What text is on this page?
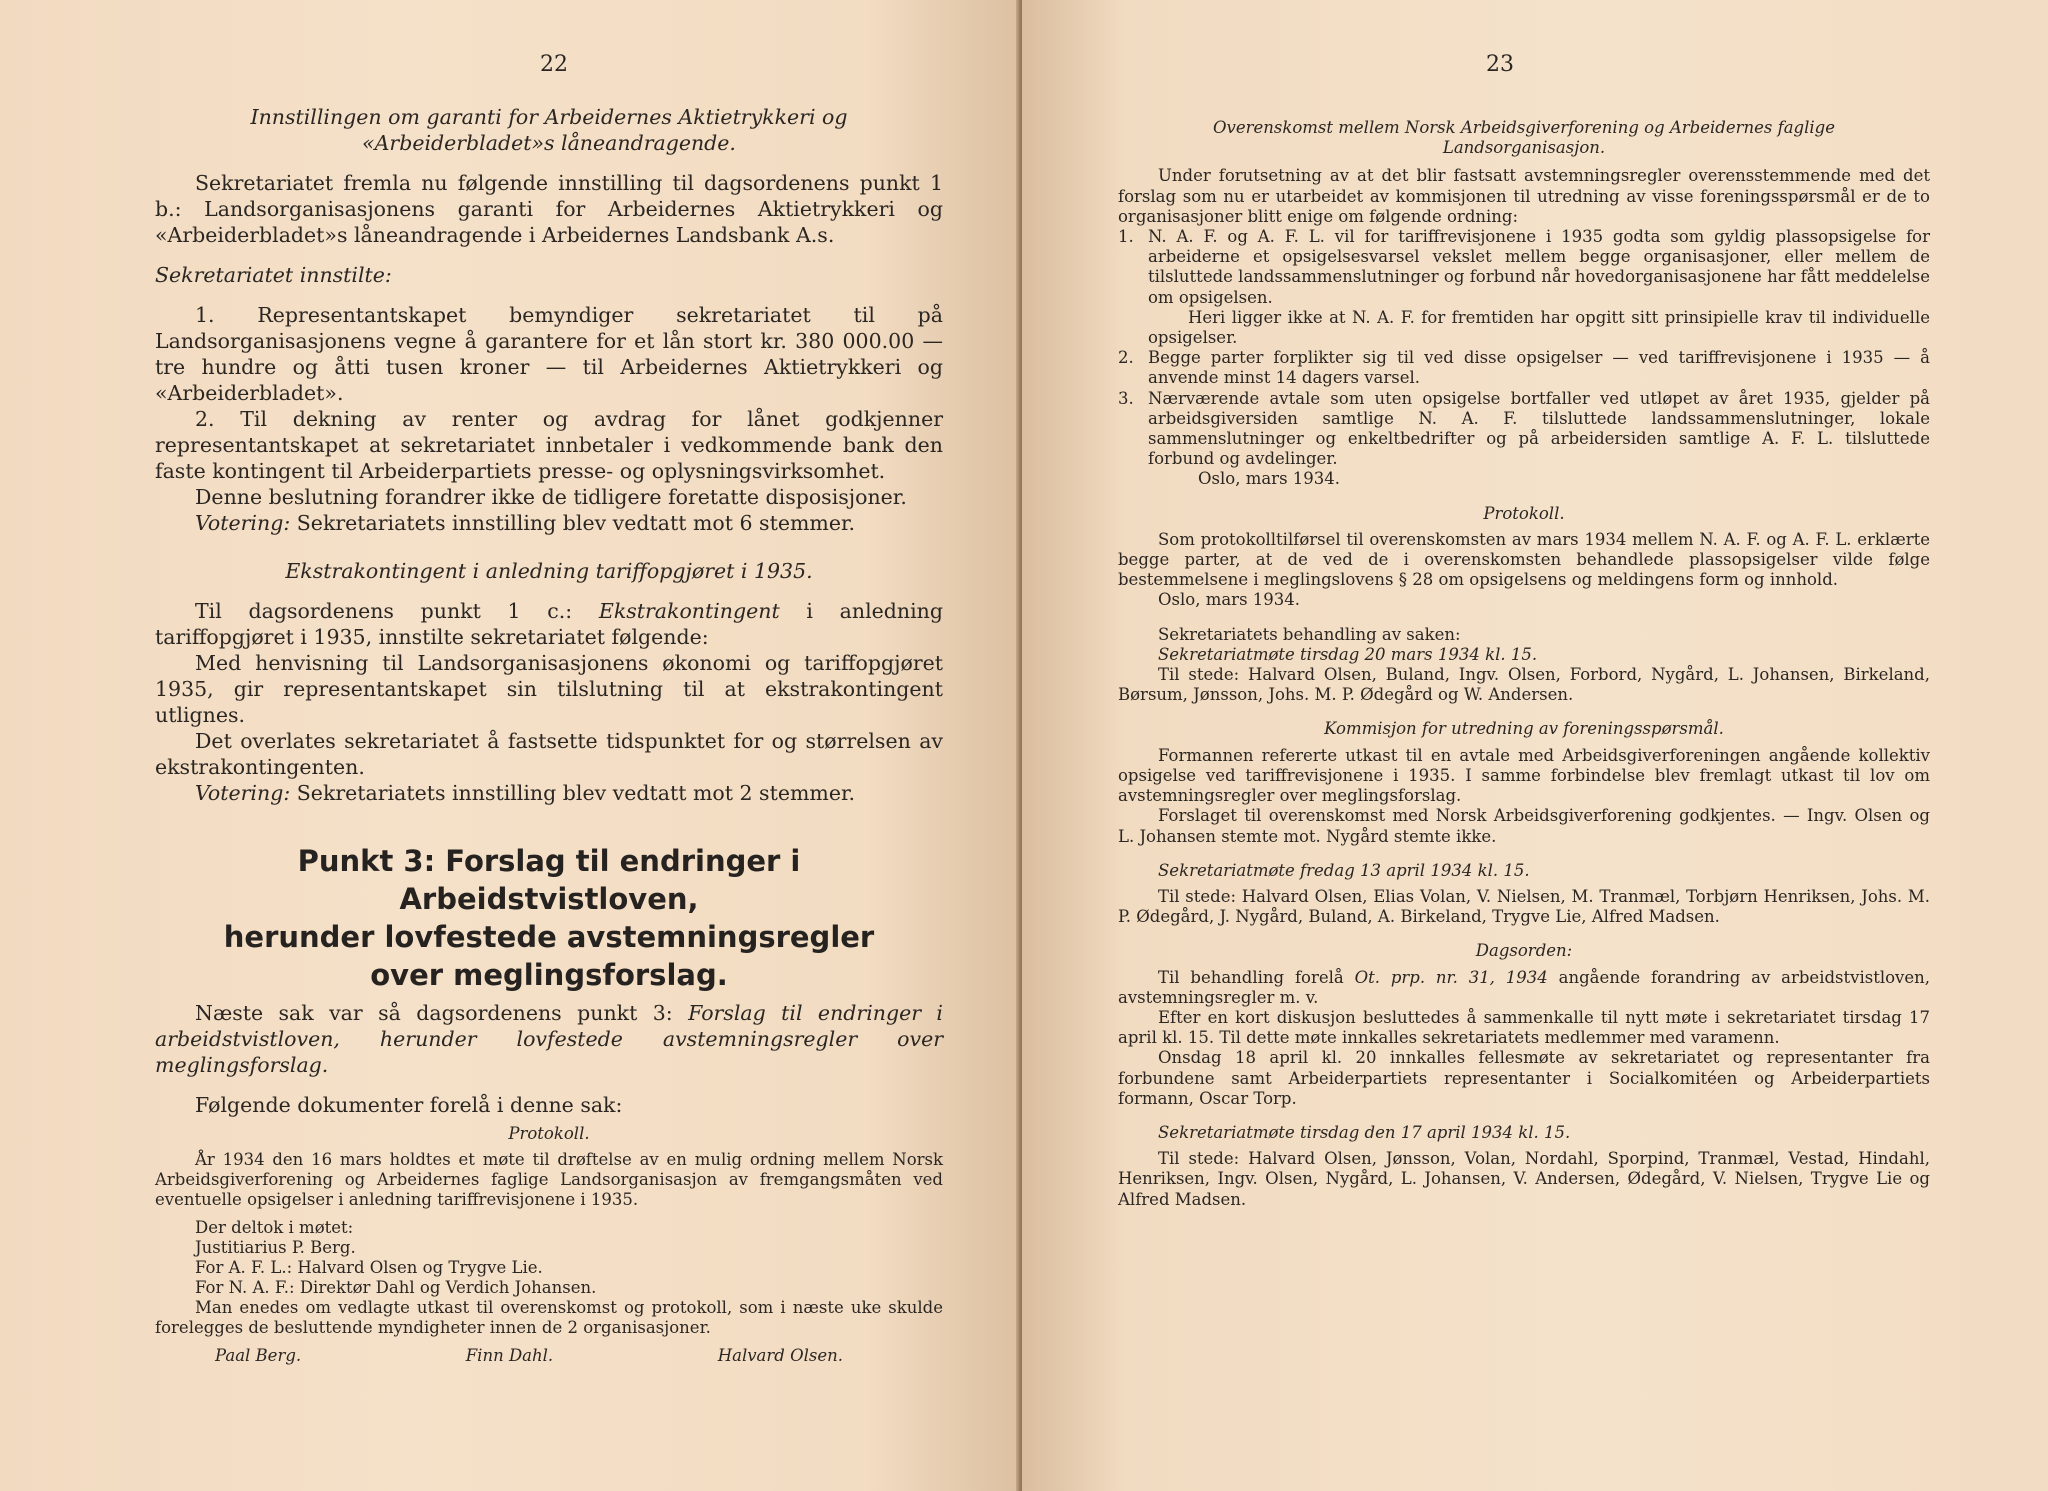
22

Innstillingen om garanti for Arbeidernes Aktietrykkeri og

«Arbeiderbladet»s låneandragende.

Sekretariatet fremla nu følgende innstilling til dagsordenens punkt 1 b.: Landsorganisasjonens garanti for Arbeidernes Aktietrykkeri og «Arbeiderbladet»s låneandragende i Arbeidernes Landsbank A.s.

Sekretariatet innstilte:

1. Representantskapet bemyndiger sekretariatet til på Landsorganisasjonens vegne å garantere for et lån stort kr. 380 000.00 — tre hundre og åtti tusen kroner — til Arbeidernes Aktietrykkeri og «Arbeiderbladet».

2. Til dekning av renter og avdrag for lånet godkjenner representantskapet at sekretariatet innbetaler i vedkommende bank den faste kontingent til Arbeiderpartiets presse- og oplysningsvirksomhet.

Denne beslutning forandrer ikke de tidligere foretatte disposisjoner.

Votering: Sekretariatets innstilling blev vedtatt mot 6 stemmer.

Ekstrakontingent i anledning tariffopgjøret i 1935.

Til dagsordenens punkt 1 c.: Ekstrakontingent i anledning tariffopgjøret i 1935, innstilte sekretariatet følgende:

Med henvisning til Landsorganisasjonens økonomi og tariffopgjøret 1935, gir representantskapet sin tilslutning til at ekstrakontingent utlignes.

Det overlates sekretariatet å fastsette tidspunktet for og størrelsen av ekstrakontingenten.

Votering: Sekretariatets innstilling blev vedtatt mot 2 stemmer.

Punkt 3: Forslag til endringer i Arbeidstvistloven,
herunder lovfestede avstemningsregler
over meglingsforslag.

Næste sak var så dagsordenens punkt 3: Forslag til endringer i arbeidstvistloven, herunder lovfestede avstemningsregler over meglingsforslag.

Følgende dokumenter forelå i denne sak:

Protokoll.

År 1934 den 16 mars holdtes et møte til drøftelse av en mulig ordning mellem Norsk Arbeidsgiverforening og Arbeidernes faglige Landsorganisasjon av fremgangsmåten ved eventuelle opsigelser i anledning tariffrevisjonene i 1935.

Der deltok i møtet:

Justitiarius P. Berg.

For A. F. L.: Halvard Olsen og Trygve Lie.

For N. A. F.: Direktør Dahl og Verdich Johansen.

Man enedes om vedlagte utkast til overenskomst og protokoll, som i næste uke skulde forelegges de besluttende myndigheter innen de 2 organisasjoner.

Paal Berg.	Finn Dahl.	Halvard Olsen.
23

Overenskomst mellem Norsk Arbeidsgiverforening og Arbeidernes faglige

Landsorganisasjon.

Under forutsetning av at det blir fastsatt avstemningsregler overensstemmende med det forslag som nu er utarbeidet av kommisjonen til utredning av visse foreningsspørsmål er de to organisasjoner blitt enige om følgende ordning:

1. N. A. F. og A. F. L. vil for tariffrevisjonene i 1935 godta som gyldig plassopsigelse for arbeiderne et opsigelsesvarsel vekslet mellem begge organisasjoner, eller mellem de tilsluttede landssammenslutninger og forbund når hovedorganisasjonene har fått meddelelse om opsigelsen.

Heri ligger ikke at N. A. F. for fremtiden har opgitt sitt prinsipielle krav til individuelle opsigelser.

2. Begge parter forplikter sig til ved disse opsigelser — ved tariffrevisjonene i 1935 — å anvende minst 14 dagers varsel.

3. Nærværende avtale som uten opsigelse bortfaller ved utløpet av året 1935, gjelder på arbeidsgiversiden samtlige N. A. F. tilsluttede landssammenslutninger, lokale sammenslutninger og enkeltbedrifter og på arbeidersiden samtlige A. F. L. tilsluttede forbund og avdelinger.

Oslo, mars 1934.

Protokoll.

Som protokolltilførsel til overenskomsten av mars 1934 mellem N. A. F. og A. F. L. erklærte begge parter, at de ved de i overenskomsten behandlede plassopsigelser vilde følge bestemmelsene i meglingslovens § 28 om opsigelsens og meldingens form og innhold.

Oslo, mars 1934.

Sekretariatets behandling av saken:

Sekretariatmøte tirsdag 20 mars 1934 kl. 15.

Til stede: Halvard Olsen, Buland, Ingv. Olsen, Forbord, Nygård, L. Johansen, Birkeland, Børsum, Jønsson, Johs. M. P. Ødegård og W. Andersen.

Kommisjon for utredning av foreningsspørsmål.

Formannen refererte utkast til en avtale med Arbeidsgiverforeningen angående kollektiv opsigelse ved tariffrevisjonene i 1935. I samme forbindelse blev fremlagt utkast til lov om avstemningsregler over meglingsforslag.

Forslaget til overenskomst med Norsk Arbeidsgiverforening godkjentes. — Ingv. Olsen og L. Johansen stemte mot. Nygård stemte ikke.

Sekretariatmøte fredag 13 april 1934 kl. 15.

Til stede: Halvard Olsen, Elias Volan, V. Nielsen, M. Tranmæl, Torbjørn Henriksen, Johs. M. P. Ødegård, J. Nygård, Buland, A. Birkeland, Trygve Lie, Alfred Madsen.

Dagsorden:

Til behandling forelå Ot. prp. nr. 31, 1934 angående forandring av arbeidstvistloven, avstemningsregler m. v.

Efter en kort diskusjon besluttedes å sammenkalle til nytt møte i sekretariatet tirsdag 17 april kl. 15. Til dette møte innkalles sekretariatets medlemmer med varamenn.

Onsdag 18 april kl. 20 innkalles fellesmøte av sekretariatet og representanter fra forbundene samt Arbeiderpartiets representanter i Socialkomitéen og Arbeiderpartiets formann, Oscar Torp.

Sekretariatmøte tirsdag den 17 april 1934 kl. 15.

Til stede: Halvard Olsen, Jønsson, Volan, Nordahl, Sporpind, Tranmæl, Vestad, Hindahl, Henriksen, Ingv. Olsen, Nygård, L. Johansen, V. Andersen, Ødegård, V. Nielsen, Trygve Lie og Alfred Madsen.
